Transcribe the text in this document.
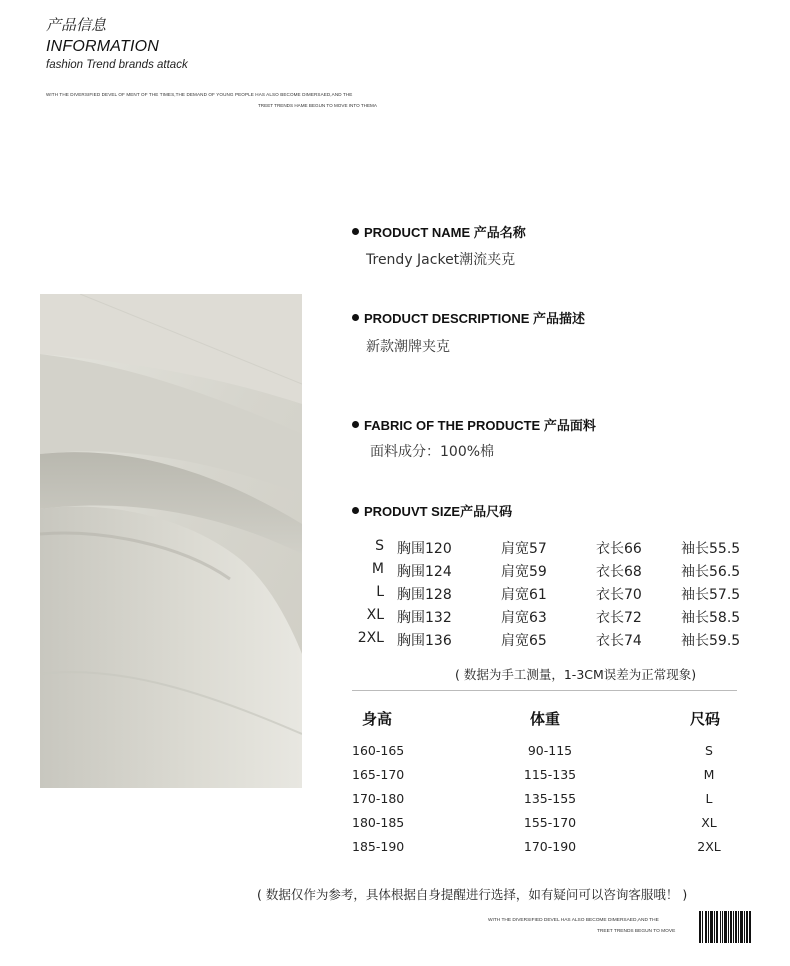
产品信息
INFORMATION
fashion Trend brands attack
WITH THE DIVERSIFIED DEVEL OF MENT OF THE TIMES,THE DEMAND OF YOUNG PEOPLE HAS ALSO BECOME DIMERSAED,AND THE
TREET TRENDS HAME BEGUN TO MOVE INTO THEMA
PRODUCT NAME 产品名称
Trendy Jacket潮流夹克
PRODUCT DESCRIPTIONE 产品描述
新款潮牌夹克
FABRIC OF THE PRODUCTE 产品面料
面料成分：100%棉
PRODUVT SIZE产品尺码
S 胸围120	肩宽57	衣长66	袖长55.5
M 胸围124	肩宽59	衣长68	袖长56.5
L 胸围128	肩宽61	衣长70	袖长57.5
XL 胸围132	肩宽63	衣长72	袖长58.5
2XL 胸围136	肩宽65	衣长74	袖长59.5
( 数据为手工测量，1-3CM误差为正常现象)
身高	体重	尺码
160-165	90-115	S
165-170	115-135	M
170-180	135-155	L
180-185	155-170	XL
185-190	170-190	2XL
( 数据仅作为参考，具体根据自身提醒进行选择，如有疑问可以咨询客服哦！ )
WITH THE DIVERSIFIED DEVEL HAS ALSO BECOME DIMERSAED,AND THE
TREET TRENDS BEGUN TO MOVE
